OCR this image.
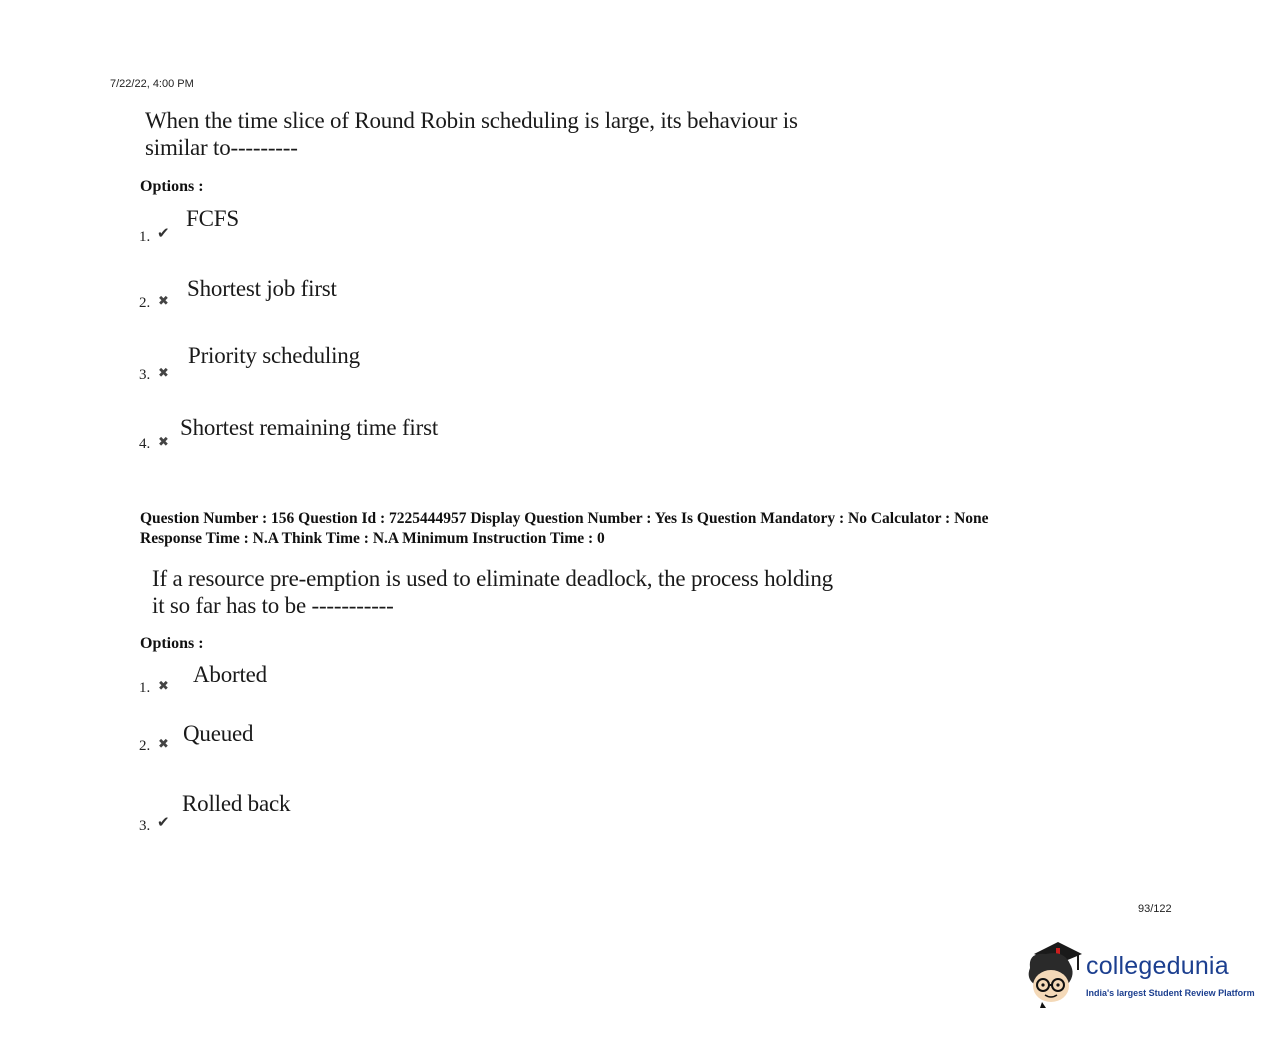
7/22/22, 4:00 PM
When the time slice of Round Robin scheduling is large, its behaviour is
similar to---------
Options :
1. ✔
FCFS
2. ✖ Shortest job first
3. ✖
Priority scheduling
4. ✖
Shortest remaining time first
Question Number : 156 Question Id : 7225444957 Display Question Number : Yes Is Question Mandatory : No Calculator : None
Response Time : N.A Think Time : N.A Minimum Instruction Time : 0
If a resource pre-emption is used to eliminate deadlock, the process holding
it so far has to be -----------
Options :
1. ✖ Aborted
2. ✖ Queued
3. ✔
Rolled back
93/122
collegedunia
India's largest Student Review Platform
